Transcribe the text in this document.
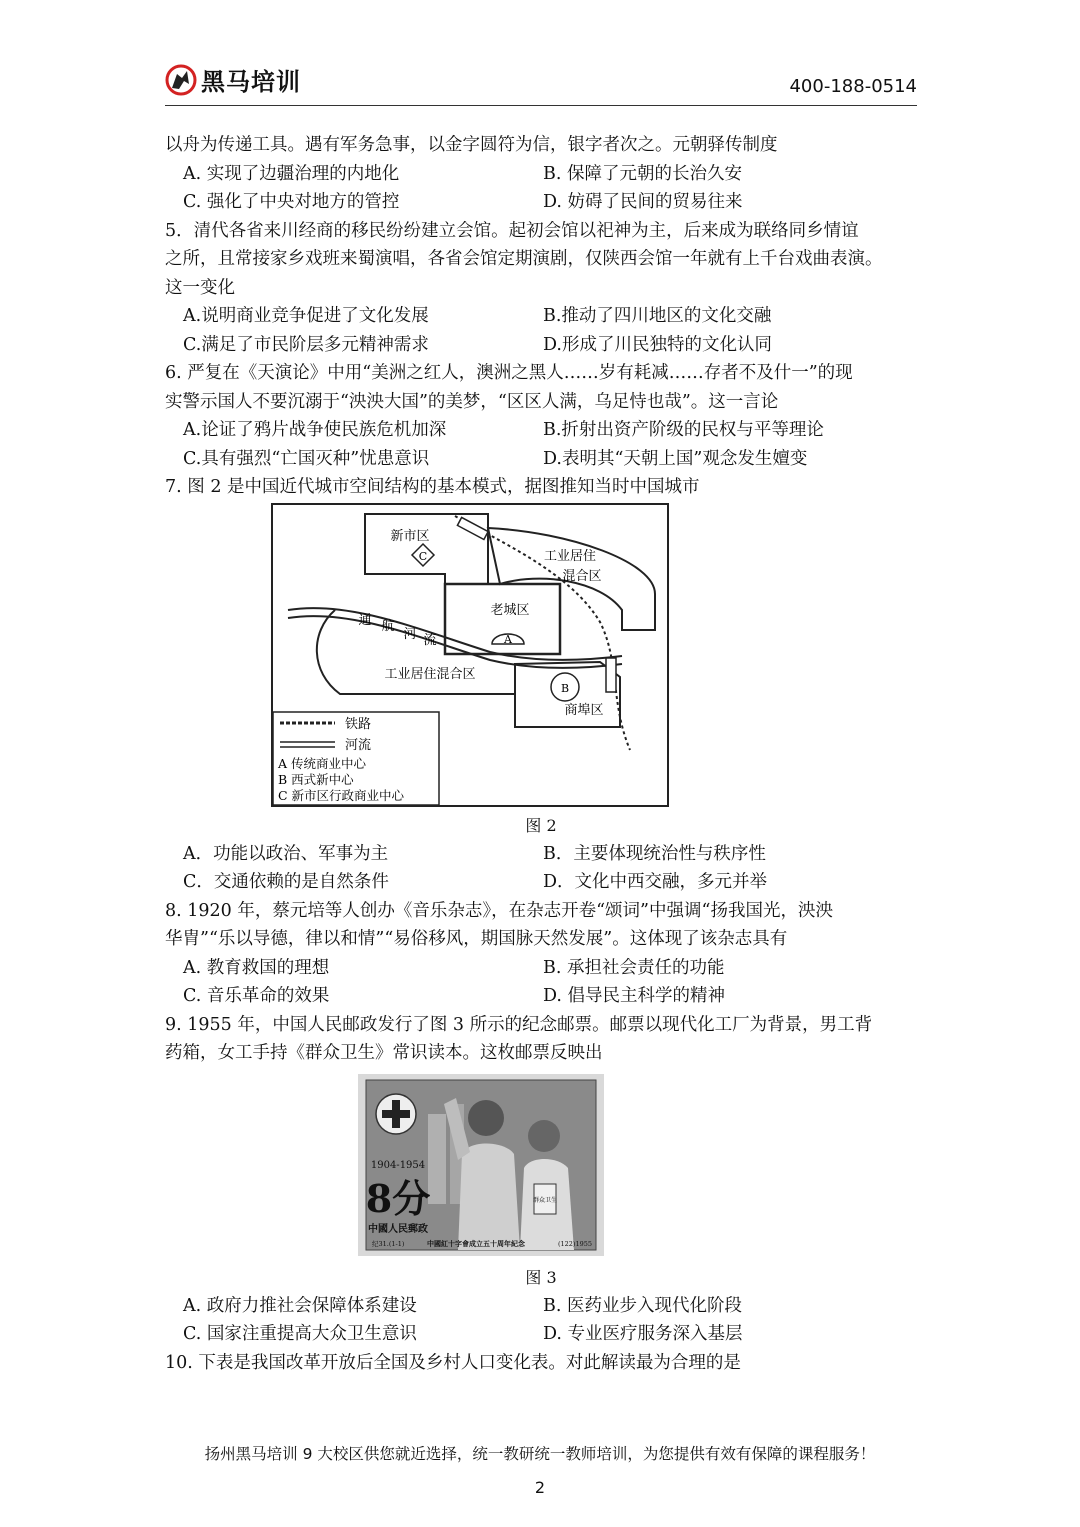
黑马培训	400-188-0514
以舟为传递工具。遇有军务急事，以金字圆符为信，银字者次之。元朝驿传制度
A. 实现了边疆治理的内地化	B. 保障了元朝的长治久安
C. 强化了中央对地方的管控	D. 妨碍了民间的贸易往来
5．清代各省来川经商的移民纷纷建立会馆。起初会馆以祀神为主，后来成为联络同乡情谊
之所，且常接家乡戏班来蜀演唱，各省会馆定期演剧，仅陕西会馆一年就有上千台戏曲表演。
这一变化
A.说明商业竞争促进了文化发展	B.推动了四川地区的文化交融
C.满足了市民阶层多元精神需求	D.形成了川民独特的文化认同
6. 严复在《天演论》中用“美洲之红人，澳洲之黑人……岁有耗减……存者不及什一”的现
实警示国人不要沉溺于“泱泱大国”的美梦，“区区人满，乌足恃也哉”。这一言论
A.论证了鸦片战争使民族危机加深	B.折射出资产阶级的民权与平等理论
C.具有强烈“亡国灭种”忧患意识	D.表明其“天朝上国”观念发生嬗变
7. 图 2 是中国近代城市空间结构的基本模式，据图推知当时中国城市
新市区
C	工业居住
混合区
老城区
A
通 航
河 流
工业居住混合区
B
商埠区
铁路
河流
A 传统商业中心
B 西式新中心
C 新市区行政商业中心
图 2
A．功能以政治、军事为主	B．主要体现统治性与秩序性
C．交通依赖的是自然条件	D．文化中西交融，多元并举
8. 1920 年，蔡元培等人创办《音乐杂志》，在杂志开卷“颂词”中强调“扬我国光，泱泱
华胄”“乐以导德，律以和情”“易俗移风，期国脉天然发展”。这体现了该杂志具有
A. 教育救国的理想	B. 承担社会责任的功能
C. 音乐革命的效果	D. 倡导民主科学的精神
9. 1955 年，中国人民邮政发行了图 3 所示的纪念邮票。邮票以现代化工厂为背景，男工背
药箱，女工手持《群众卫生》常识读本。这枚邮票反映出
群众卫生
1904-1954
8分
中國人民郵政
纪31.(1-1)	中國紅十字會成立五十周年紀念	(122)1955
图 3
A. 政府力推社会保障体系建设	B. 医药业步入现代化阶段
C. 国家注重提高大众卫生意识	D. 专业医疗服务深入基层
10. 下表是我国改革开放后全国及乡村人口变化表。对此解读最为合理的是
扬州黑马培训 9 大校区供您就近选择，统一教研统一教师培训，为您提供有效有保障的课程服务！
2
